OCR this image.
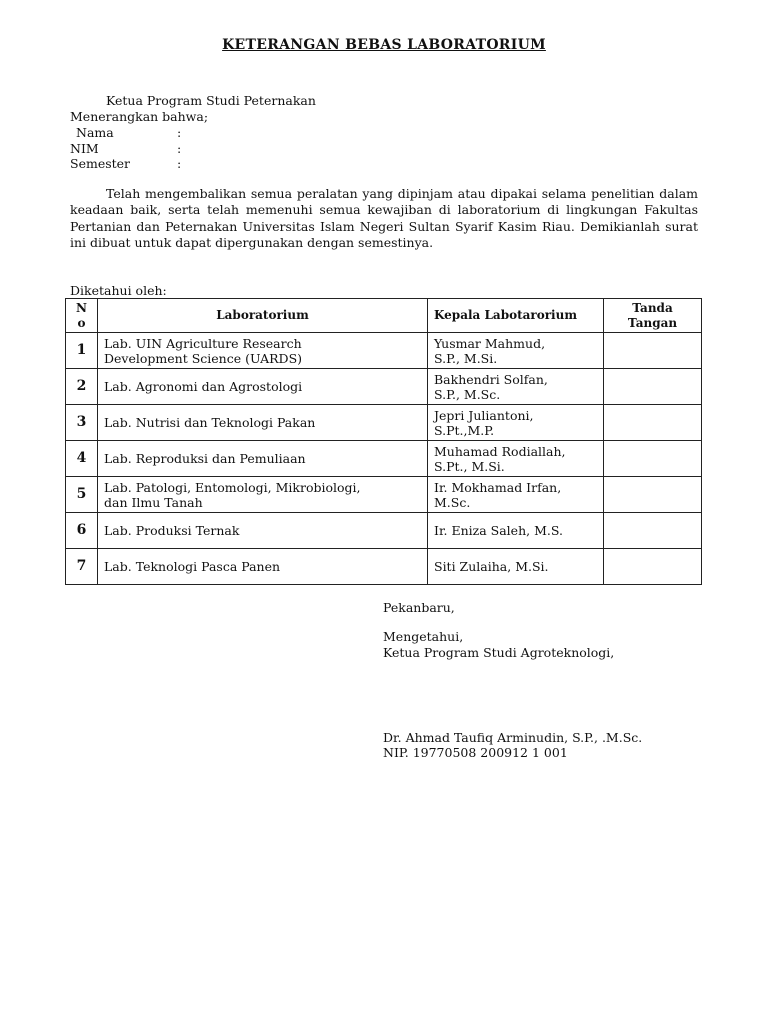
KETERANGAN BEBAS LABORATORIUM
Ketua Program Studi Peternakan
Menerangkan bahwa;
Nama	:
NIM	:
Semester	:
Telah mengembalikan semua peralatan yang dipinjam atau dipakai selama penelitian dalam keadaan baik, serta telah memenuhi semua kewajiban di laboratorium di lingkungan Fakultas Pertanian dan Peternakan Universitas Islam Negeri Sultan Syarif Kasim Riau. Demikianlah surat ini dibuat untuk dapat dipergunakan dengan semestinya.
Diketahui oleh:
N
o	Laboratorium	Kepala Labotarorium	Tanda
Tangan
1	Lab. UIN Agriculture Research
Development Science (UARDS)	Yusmar Mahmud,
S.P., M.Si.	
2	Lab. Agronomi dan Agrostologi	Bakhendri Solfan,
S.P., M.Sc.	
3	Lab. Nutrisi dan Teknologi Pakan	Jepri Juliantoni,
S.Pt.,M.P.	
4	Lab. Reproduksi dan Pemuliaan	Muhamad Rodiallah,
S.Pt., M.Si.	
5	Lab. Patologi, Entomologi, Mikrobiologi,
dan Ilmu Tanah	Ir. Mokhamad Irfan,
M.Sc.	
6	Lab. Produksi Ternak	Ir. Eniza Saleh, M.S.	
7	Lab. Teknologi Pasca Panen	Siti Zulaiha, M.Si.	
Pekanbaru,
Mengetahui,
Ketua Program Studi Agroteknologi,
Dr. Ahmad Taufiq Arminudin, S.P., .M.Sc.
NIP. 19770508 200912 1 001
